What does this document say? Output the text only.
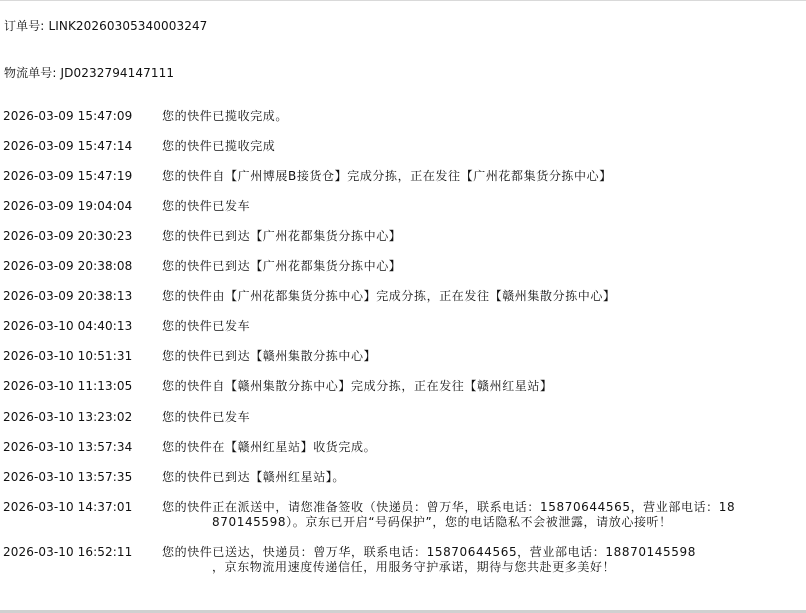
订单号: LINK20260305340003247
物流单号: JD0232794147111
2026-03-09 15:47:09 您的快件已揽收完成。
2026-03-09 15:47:14 您的快件已揽收完成
2026-03-09 15:47:19 您的快件自【广州博展B接货仓】完成分拣，正在发往【广州花都集货分拣中心】
2026-03-09 19:04:04 您的快件已发车
2026-03-09 20:30:23 您的快件已到达【广州花都集货分拣中心】
2026-03-09 20:38:08 您的快件已到达【广州花都集货分拣中心】
2026-03-09 20:38:13 您的快件由【广州花都集货分拣中心】完成分拣，正在发往【赣州集散分拣中心】
2026-03-10 04:40:13 您的快件已发车
2026-03-10 10:51:31 您的快件已到达【赣州集散分拣中心】
2026-03-10 11:13:05 您的快件自【赣州集散分拣中心】完成分拣，正在发往【赣州红星站】
2026-03-10 13:23:02 您的快件已发车
2026-03-10 13:57:34 您的快件在【赣州红星站】收货完成。
2026-03-10 13:57:35 您的快件已到达【赣州红星站】。
2026-03-10 14:37:01 您的快件正在派送中，请您准备签收（快递员：曾万华，联系电话：15870644565，营业部电话：18
870145598）。京东已开启“号码保护”，您的电话隐私不会被泄露，请放心接听！
2026-03-10 16:52:11 您的快件已送达，快递员：曾万华，联系电话：15870644565，营业部电话：18870145598
，京东物流用速度传递信任，用服务守护承诺，期待与您共赴更多美好！
